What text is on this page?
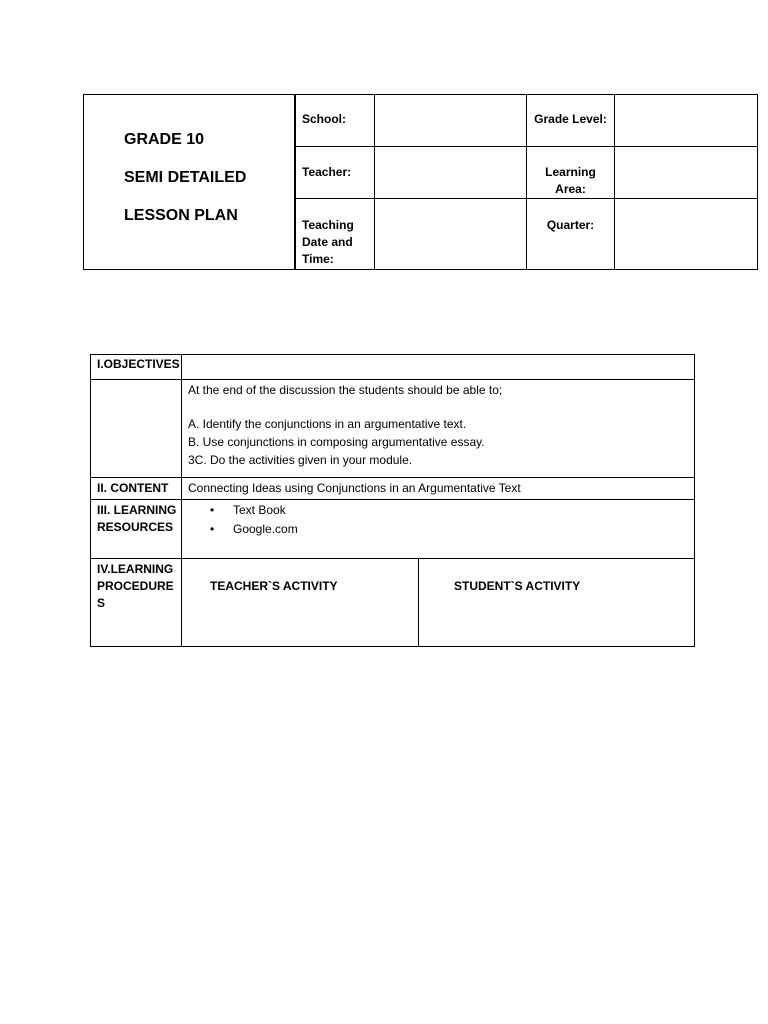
GRADE 10
SEMI DETAILED
LESSON PLAN
School:
Teacher:
Teaching
Date and
Time:
Grade Level:
Learning
Area:
Quarter:
I.OBJECTIVES
At the end of the discussion the students should be able to;
A. Identify the conjunctions in an argumentative text.
B. Use conjunctions in composing argumentative essay.
3C. Do the activities given in your module.
II. CONTENT Connecting Ideas using Conjunctions in an Argumentative Text
III. LEARNING
RESOURCES
• Text Book
• Google.com
IV.LEARNING
PROCEDURE
S
TEACHER`S ACTIVITY	STUDENT`S ACTIVITY
